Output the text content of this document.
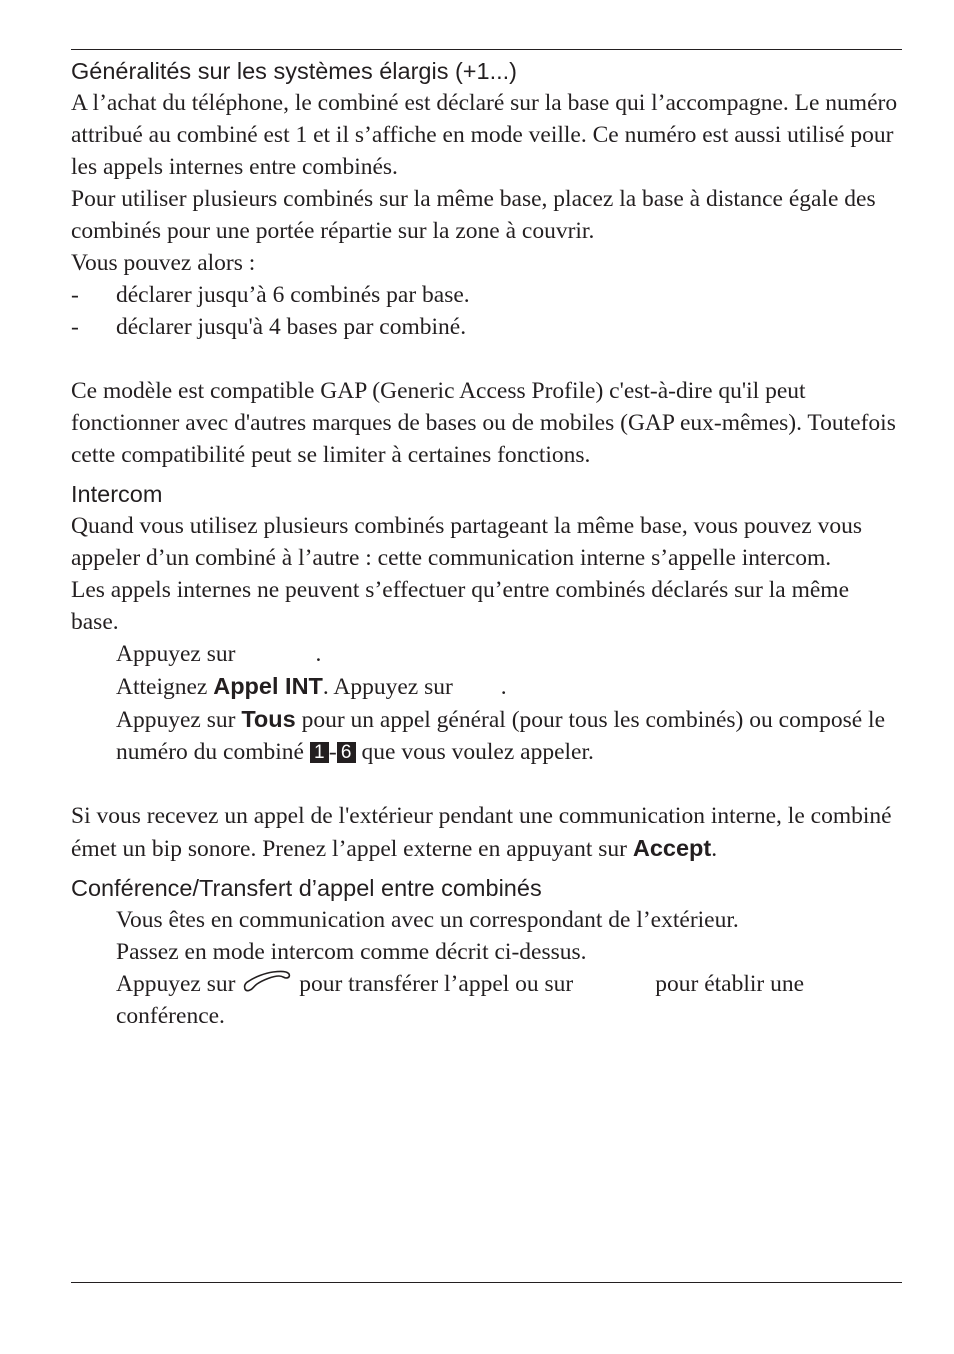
Généralités sur les systèmes élargis (+1...)

A l’achat du téléphone, le combiné est déclaré sur la base qui l’accompagne. Le numéro attribué au combiné est 1 et il s’affiche en mode veille. Ce numéro est aussi utilisé pour les appels internes entre combinés.

Pour utiliser plusieurs combinés sur la même base, placez la base à distance égale des combinés pour une portée répartie sur la zone à couvrir.

Vous pouvez alors :

- déclarer jusqu’à 6 combinés par base.
- déclarer jusqu'à 4 bases par combiné.

Ce modèle est compatible GAP (Generic Access Profile) c'est-à-dire qu'il peut fonctionner avec d'autres marques de bases ou de mobiles (GAP eux-mêmes). Toutefois cette compatibilité peut se limiter à certaines fonctions.

Intercom

Quand vous utilisez plusieurs combinés partageant la même base, vous pouvez vous appeler d’un combiné à l’autre : cette communication interne s’appelle intercom.

Les appels internes ne peuvent s’effectuer qu’entre combinés déclarés sur la même base.

Appuyez sur	.
Atteignez Appel INT. Appuyez sur .
Appuyez sur Tous pour un appel général (pour tous les combinés) ou composé le numéro du combiné 1 - 6 que vous voulez appeler.

Si vous recevez un appel de l'extérieur pendant une communication interne, le combiné émet un bip sonore. Prenez l’appel externe en appuyant sur Accept.

Conférence/Transfert d’appel entre combinés
Vous êtes en communication avec un correspondant de l’extérieur.
Passez en mode intercom comme décrit ci-dessus.
Appuyez sur  pour transférer l’appel ou sur	pour établir une conférence.
